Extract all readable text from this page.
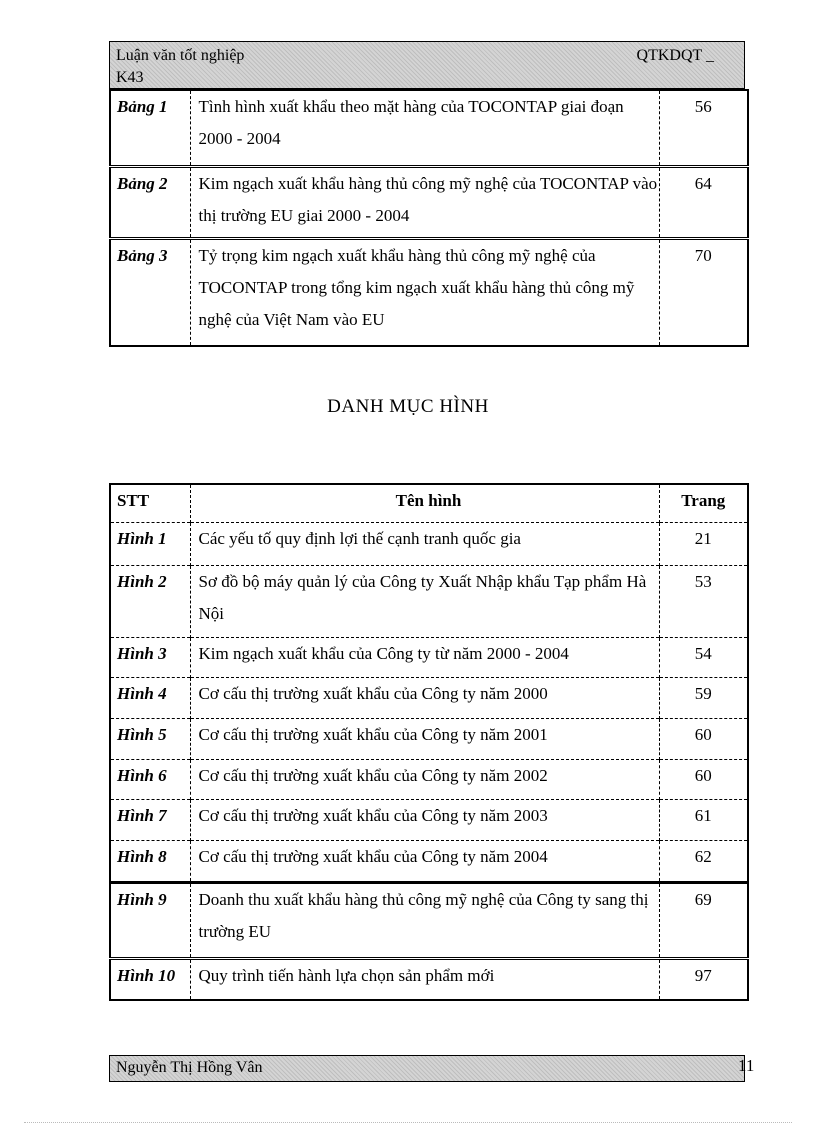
Luận văn tốt nghiệp	QTKDQT _
K43
Bảng 1	Tình hình xuất khẩu theo mặt hàng của TOCONTAP giai đoạn 2000 - 2004	56
Bảng 2	Kim ngạch xuất khẩu hàng thủ công mỹ nghệ của TOCONTAP vào thị trường EU giai 2000 - 2004	64
Bảng 3	Tỷ trọng kim ngạch xuất khẩu hàng thủ công mỹ nghệ của TOCONTAP trong tổng kim ngạch xuất khẩu hàng thủ công mỹ nghệ của Việt Nam vào EU	70
DANH MỤC HÌNH
STT	Tên hình	Trang
Hình 1	Các yếu tố quy định lợi thế cạnh tranh quốc gia	21
Hình 2	Sơ đồ bộ máy quản lý của Công ty Xuất Nhập khẩu Tạp phẩm Hà Nội	53
Hình 3	Kim ngạch xuất khẩu của Công ty từ năm 2000 - 2004	54
Hình 4	Cơ cấu thị trường xuất khẩu của Công ty năm 2000	59
Hình 5	Cơ cấu thị trường xuất khẩu của Công ty năm 2001	60
Hình 6	Cơ cấu thị trường xuất khẩu của Công ty năm 2002	60
Hình 7	Cơ cấu thị trường xuất khẩu của Công ty năm 2003	61
Hình 8	Cơ cấu thị trường xuất khẩu của Công ty năm 2004	62
Hình 9	Doanh thu xuất khẩu hàng thủ công mỹ nghệ của Công ty sang thị trường EU	69
Hình 10	Quy trình tiến hành lựa chọn sản phẩm mới	97
Nguyễn Thị Hồng Vân	11
